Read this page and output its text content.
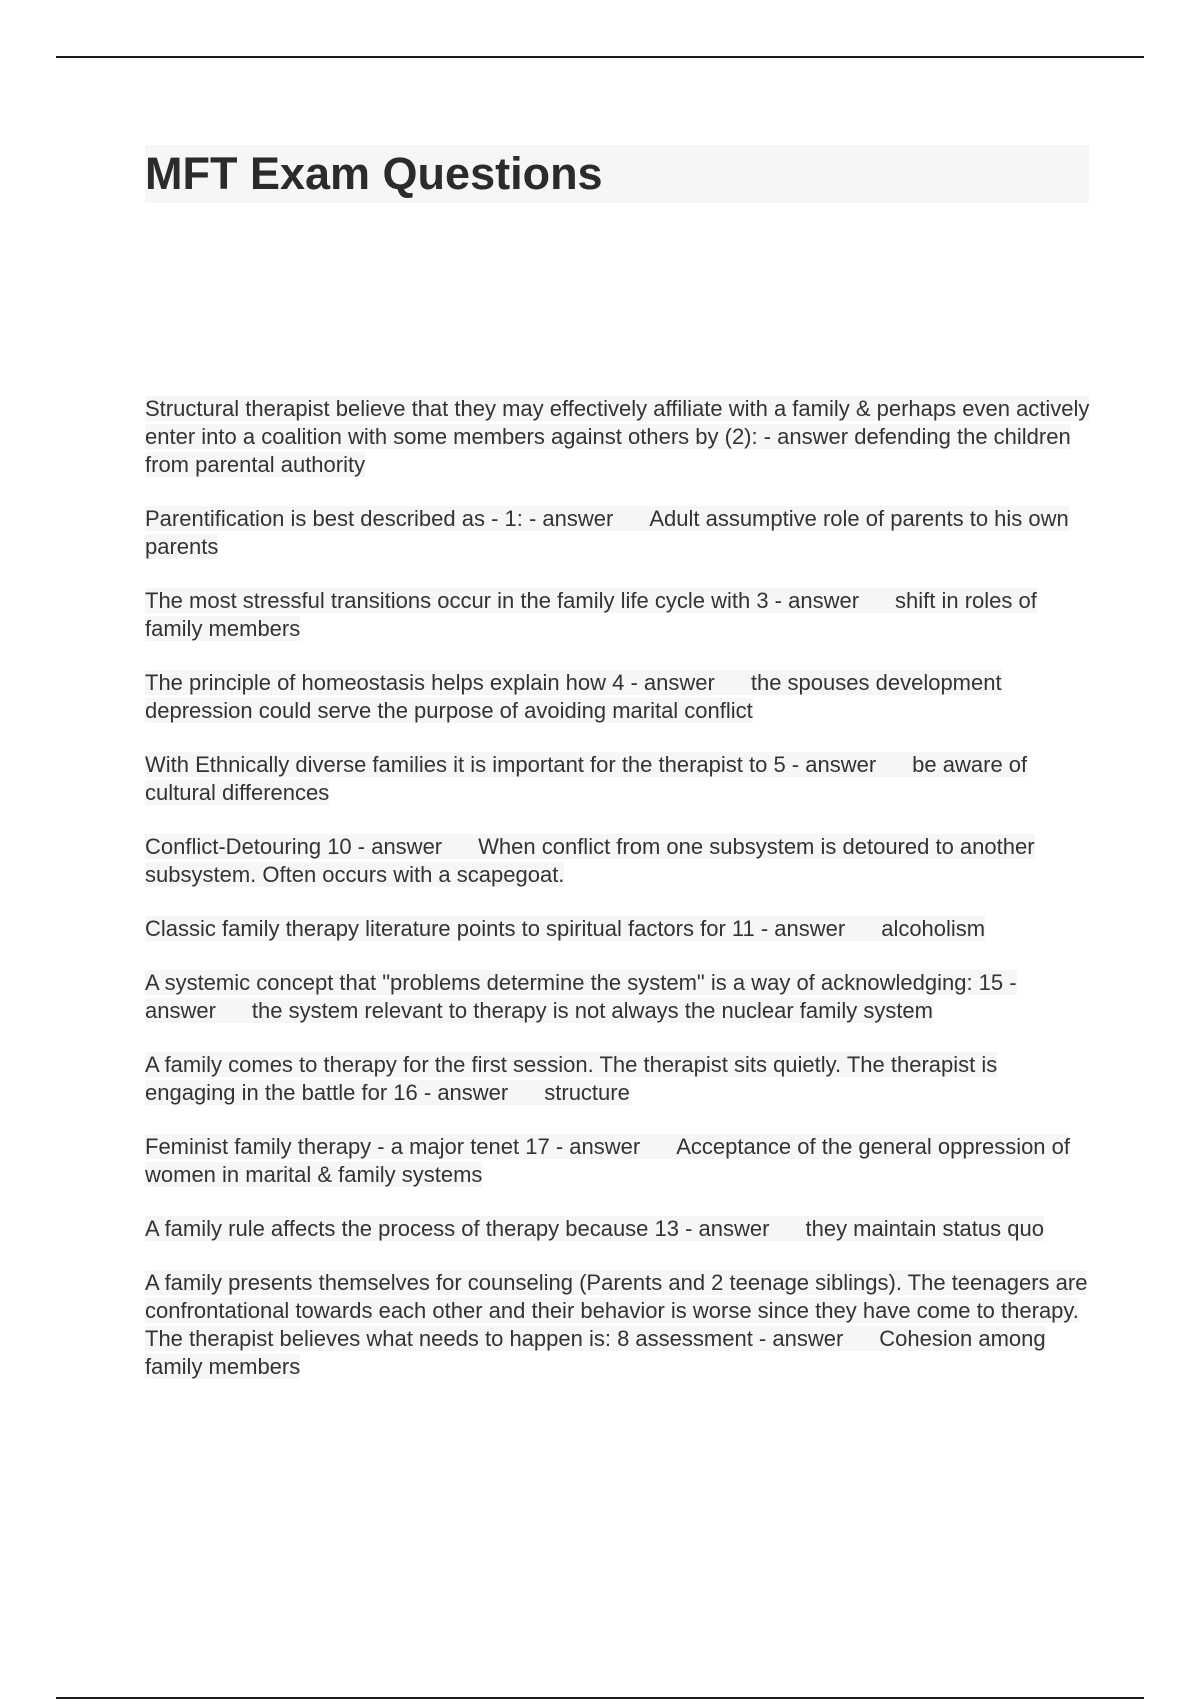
MFT Exam Questions

Structural therapist believe that they may effectively affiliate with a family & perhaps even actively enter into a coalition with some members against others by (2): - answer defending the children from parental authority

Parentification is best described as - 1: - answer Adult assumptive role of parents to his own parents

The most stressful transitions occur in the family life cycle with 3 - answer shift in roles of family members

The principle of homeostasis helps explain how 4 - answer the spouses development depression could serve the purpose of avoiding marital conflict

With Ethnically diverse families it is important for the therapist to 5 - answer be aware of cultural differences

Conflict-Detouring 10 - answer When conflict from one subsystem is detoured to another subsystem. Often occurs with a scapegoat.

Classic family therapy literature points to spiritual factors for 11 - answer alcoholism

A systemic concept that "problems determine the system" is a way of acknowledging: 15 - answer the system relevant to therapy is not always the nuclear family system

A family comes to therapy for the first session. The therapist sits quietly. The therapist is engaging in the battle for 16 - answer structure

Feminist family therapy - a major tenet 17 - answer Acceptance of the general oppression of women in marital & family systems

A family rule affects the process of therapy because 13 - answer they maintain status quo

A family presents themselves for counseling (Parents and 2 teenage siblings). The teenagers are confrontational towards each other and their behavior is worse since they have come to therapy. The therapist believes what needs to happen is: 8 assessment - answer Cohesion among family members
